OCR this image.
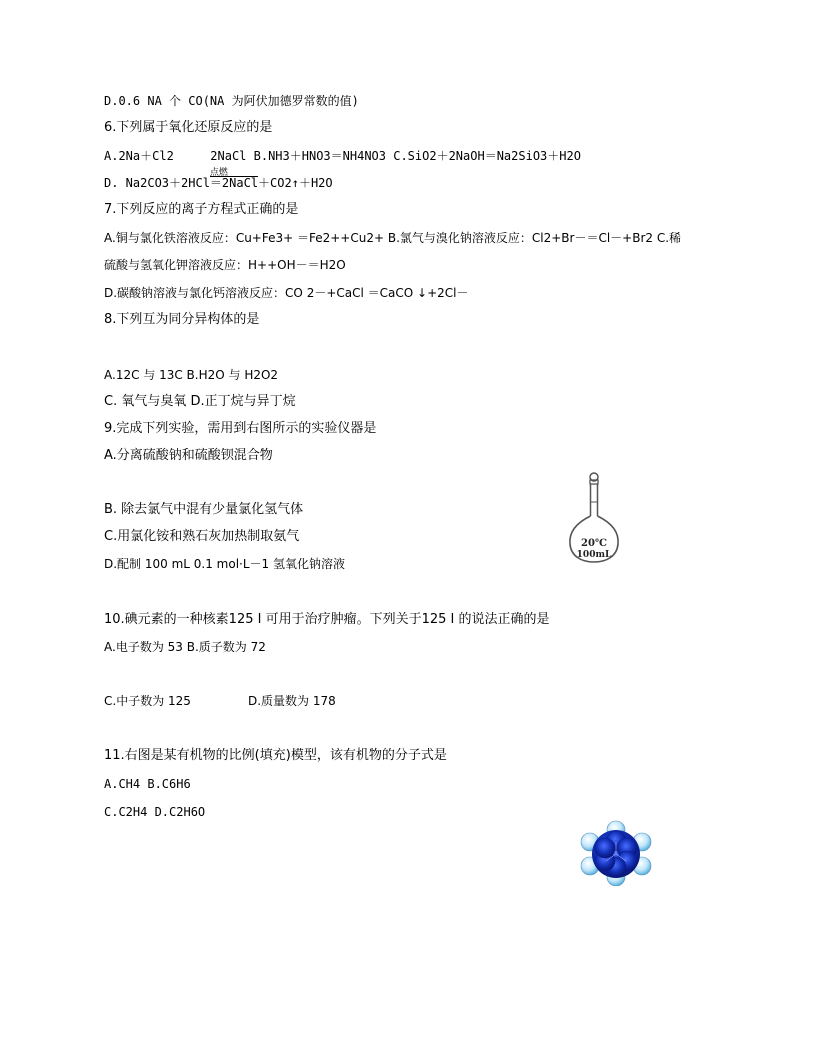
D.0.6 NA 个 CO(NA 为阿伏加德罗常数的值)
6.下列属于氧化还原反应的是
A.2Na＋Cl2	2NaCl B.NH3＋HNO3＝NH4NO3 C.SiO2＋2NaOH＝Na2SiO3＋H2O
D. Na2CO3＋2HCl
点燃
＝2NaCl＋CO2↑＋H2O
7.下列反应的离子方程式正确的是
A.铜与氯化铁溶液反应：Cu+Fe3+ ＝Fe2++Cu2+ B.氯气与溴化钠溶液反应：Cl2+Br－＝Cl－+Br2 C.稀
硫酸与氢氧化钾溶液反应：H++OH－＝H2O
D.碳酸钠溶液与氯化钙溶液反应：CO 2－+CaCl ＝CaCO ↓+2Cl－
8.下列互为同分异构体的是
A.12C 与 13C B.H2O 与 H2O2
C. 氧气与臭氧 D.正丁烷与异丁烷
9.完成下列实验，需用到右图所示的实验仪器是
A.分离硫酸钠和硫酸钡混合物
B. 除去氯气中混有少量氯化氢气体
C.用氯化铵和熟石灰加热制取氨气
D.配制 100 mL 0.1 mol·L－1 氢氧化钠溶液
20℃
100mL
10.碘元素的一种核素125 I 可用于治疗肿瘤。下列关于125 I 的说法正确的是
A.电子数为 53 B.质子数为 72
C.中子数为 125	D.质量数为 178
11.右图是某有机物的比例(填充)模型，该有机物的分子式是
A.CH4 B.C6H6
C.C2H4 D.C2H6O
